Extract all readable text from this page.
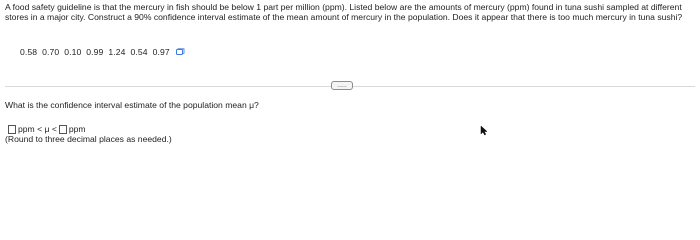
A food safety guideline is that the mercury in fish should be below 1 part per million (ppm). Listed below are the amounts of mercury (ppm) found in tuna sushi sampled at different stores in a major city. Construct a 90% confidence interval estimate of the mean amount of mercury in the population. Does it appear that there is too much mercury in tuna sushi?
0.58  0.70  0.10  0.99  1.24  0.54  0.97
.....
What is the confidence interval estimate of the population mean μ?
ppm < μ < ppm
(Round to three decimal places as needed.)
